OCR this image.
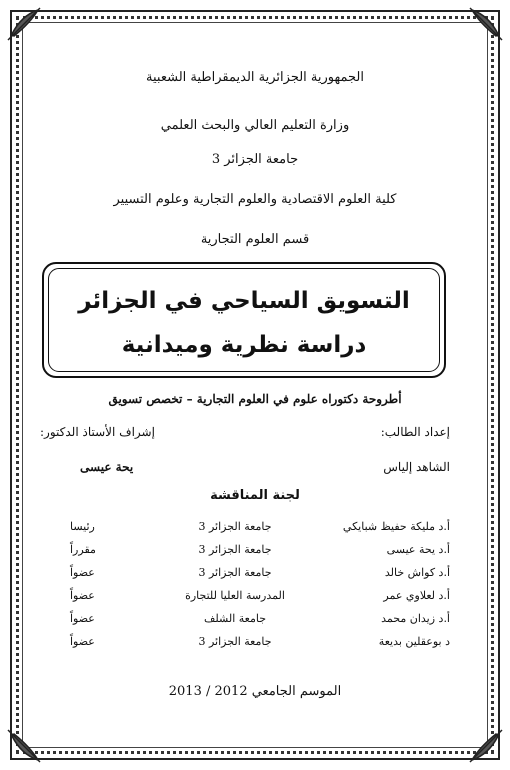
الجمهورية الجزائرية الديمقراطية الشعبية
وزارة التعليم العالي والبحث العلمي
جامعة الجزائر 3
كلية العلوم الاقتصادية والعلوم التجارية وعلوم التسيير
قسم العلوم التجارية
التسويق السياحي في الجزائر
دراسة نظرية وميدانية
أطروحة دكتوراه علوم في العلوم التجارية – تخصص تسويق
إعداد الطالب:
إشراف الأستاذ الدكتور:
الشاهد إلياس
يحة عيسى
لجنة المناقشة
أ.د مليكة حفيظ شبايكي
جامعة الجزائر 3
رئيسا
أ.د يحة عيسى
جامعة الجزائر 3
مقرراً
أ.د كواش خالد
جامعة الجزائر 3
عضواً
أ.د لعلاوي عمر
المدرسة العليا للتجارة
عضواً
أ.د زيدان محمد
جامعة الشلف
عضواً
د بوعقلين بديعة
جامعة الجزائر 3
عضواً
الموسم الجامعي 2012 / 2013
